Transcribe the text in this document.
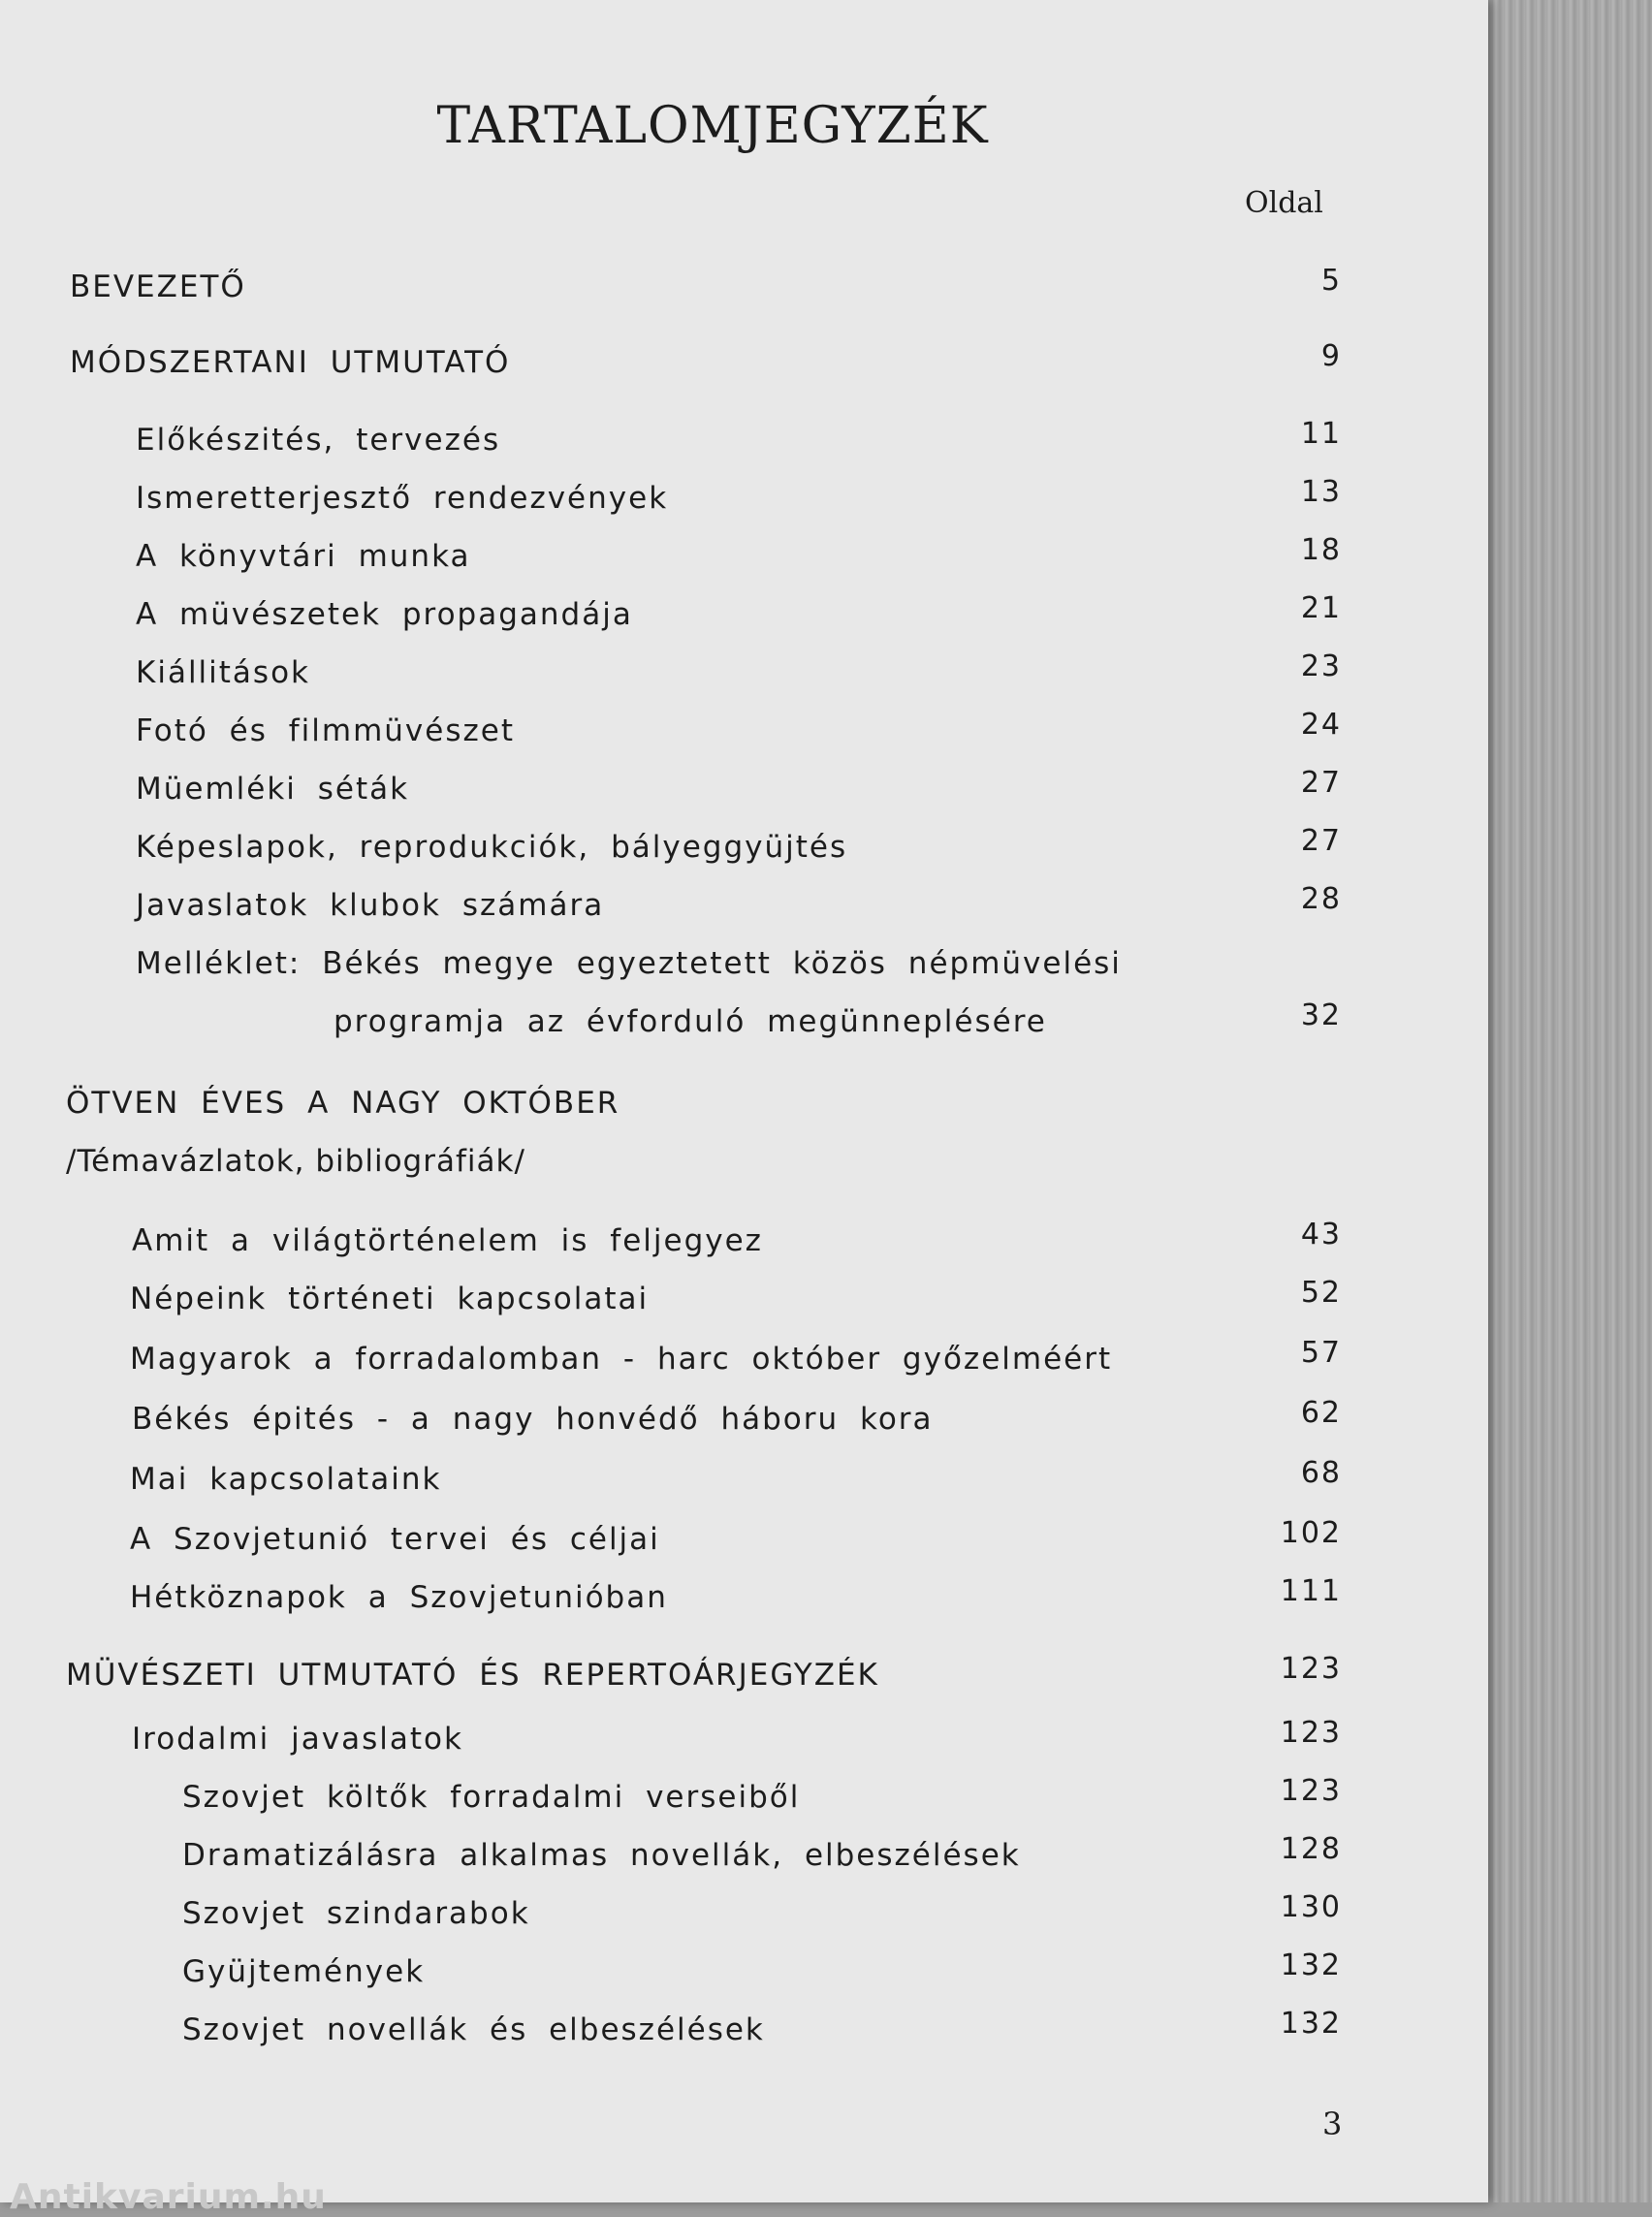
TARTALOMJEGYZÉK
Oldal
BEVEZETŐ	5
MÓDSZERTANI UTMUTATÓ	9
Előkészités, tervezés	11
Ismeretterjesztő rendezvények	13
A könyvtári munka	18
A müvészetek propagandája	21
Kiállitások	23
Fotó és filmmüvészet	24
Müemléki séták	27
Képeslapok, reprodukciók, bályeggyüjtés	27
Javaslatok klubok számára	28
Melléklet: Békés megye egyeztetett közös népmüvelési
programja az évforduló megünneplésére	32
ÖTVEN ÉVES A NAGY OKTÓBER
/Témavázlatok, bibliográfiák/
Amit a világtörténelem is feljegyez	43
Népeink történeti kapcsolatai	52
Magyarok a forradalomban - harc október győzelméért	57
Békés épités - a nagy honvédő háboru kora	62
Mai kapcsolataink	68
A Szovjetunió tervei és céljai	102
Hétköznapok a Szovjetunióban	111
MÜVÉSZETI UTMUTATÓ ÉS REPERTOÁRJEGYZÉK	123
Irodalmi javaslatok	123
Szovjet költők forradalmi verseiből	123
Dramatizálásra alkalmas novellák, elbeszélések	128
Szovjet szindarabok	130
Gyüjtemények	132
Szovjet novellák és elbeszélések	132
3
Antikvarium.hu
